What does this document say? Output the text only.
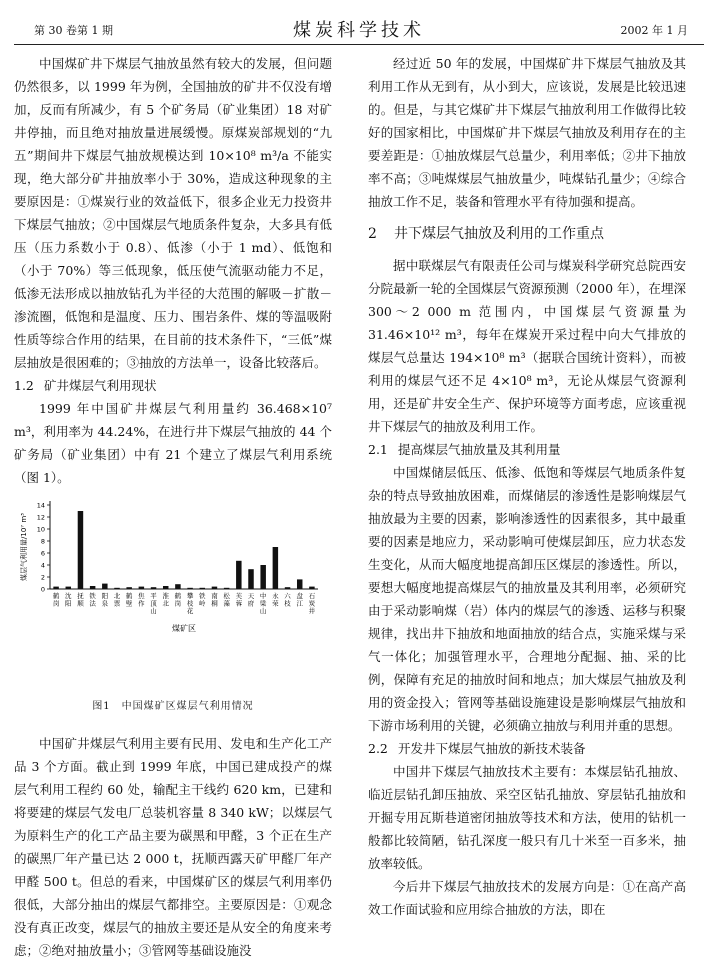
第 30 卷第 1 期	煤炭科学技术	2002 年 1 月

中国煤矿井下煤层气抽放虽然有较大的发展，但问题仍然很多，以 1999 年为例，全国抽放的矿井不仅没有增加，反而有所减少，有 5 个矿务局（矿业集团）18 对矿井停抽，而且绝对抽放量进展缓慢。原煤炭部规划的“九五”期间井下煤层气抽放规模达到 10×10⁸ m³/a 不能实现，绝大部分矿井抽放率小于 30%，造成这种现象的主要原因是：①煤炭行业的效益低下，很多企业无力投资井下煤层气抽放；②中国煤层气地质条件复杂，大多具有低压（压力系数小于 0.8）、低渗（小于 1 md）、低饱和（小于 70%）等三低现象，低压使气流驱动能力不足，低渗无法形成以抽放钻孔为半径的大范围的解吸－扩散－渗流圈，低饱和是温度、压力、围岩条件、煤的等温吸附性质等综合作用的结果，在目前的技术条件下，“三低”煤层抽放是很困难的；③抽放的方法单一，设备比较落后。

1.2 矿井煤层气利用现状

1999 年中国矿井煤层气利用量约 36.468×10⁷ m³，利用率为 44.24%，在进行井下煤层气抽放的 44 个矿务局（矿业集团）中有 21 个建立了煤层气利用系统（图 1）。

0
2
4
6
8
10
12
14
煤层气利用量/10⁷ m³
鹤岗
沈阳
抚顺
铁法
阳泉
北票
鹤壁
焦作
平顶山
淮北
鹤岗
攀枝花
铁岭
南桐
松藻
芙蓉
天府
中梁山
永荣
六枝
盘江
石炭井
煤矿区

图1　中国煤矿区煤层气利用情况

中国矿井煤层气利用主要有民用、发电和生产化工产品 3 个方面。截止到 1999 年底，中国已建成投产的煤层气利用工程约 60 处，输配主干线约 620 km，已建和将要建的煤层气发电厂总装机容量 8 340 kW；以煤层气为原料生产的化工产品主要为碳黑和甲醛，3 个正在生产的碳黑厂年产量已达 2 000 t，抚顺西露天矿甲醛厂年产甲醛 500 t。但总的看来，中国煤矿区的煤层气利用率仍很低，大部分抽出的煤层气都排空。主要原因是：①观念没有真正改变，煤层气的抽放主要还是从安全的角度来考虑；②绝对抽放量小；③管网等基础设施没

经过近 50 年的发展，中国煤矿井下煤层气抽放及其利用工作从无到有，从小到大，应该说，发展是比较迅速的。但是，与其它煤矿井下煤层气抽放利用工作做得比较好的国家相比，中国煤矿井下煤层气抽放及利用存在的主要差距是：①抽放煤层气总量少，利用率低；②井下抽放率不高；③吨煤煤层气抽放量少，吨煤钻孔量少；④综合抽放工作不足，装备和管理水平有待加强和提高。

2 井下煤层气抽放及利用的工作重点

据中联煤层气有限责任公司与煤炭科学研究总院西安分院最新一轮的全国煤层气资源预测（2000 年），在埋深 300～2 000 m 范围内，中国煤层气资源量为 31.46×10¹² m³，每年在煤炭开采过程中向大气排放的煤层气总量达 194×10⁸ m³（据联合国统计资料），而被利用的煤层气还不足 4×10⁸ m³，无论从煤层气资源利用，还是矿井安全生产、保护环境等方面考虑，应该重视井下煤层气的抽放及利用工作。

2.1 提高煤层气抽放量及其利用量

中国煤储层低压、低渗、低饱和等煤层气地质条件复杂的特点导致抽放困难，而煤储层的渗透性是影响煤层气抽放最为主要的因素，影响渗透性的因素很多，其中最重要的因素是地应力，采动影响可使煤层卸压，应力状态发生变化，从而大幅度地提高卸压区煤层的渗透性。所以，要想大幅度地提高煤层气的抽放量及其利用率，必须研究由于采动影响煤（岩）体内的煤层气的渗透、运移与积聚规律，找出井下抽放和地面抽放的结合点，实施采煤与采气一体化；加强管理水平，合理地分配掘、抽、采的比例，保障有充足的抽放时间和地点；加大煤层气抽放及利用的资金投入；管网等基础设施建设是影响煤层气抽放和下游市场利用的关键，必须确立抽放与利用并重的思想。

2.2 开发井下煤层气抽放的新技术装备

中国井下煤层气抽放技术主要有：本煤层钻孔抽放、临近层钻孔卸压抽放、采空区钻孔抽放、穿层钻孔抽放和开掘专用瓦斯巷道密闭抽放等技术和方法，使用的钻机一般都比较简陋，钻孔深度一般只有几十米至一百多米，抽放率较低。

今后井下煤层气抽放技术的发展方向是：①在高产高效工作面试验和应用综合抽放的方法，即在
